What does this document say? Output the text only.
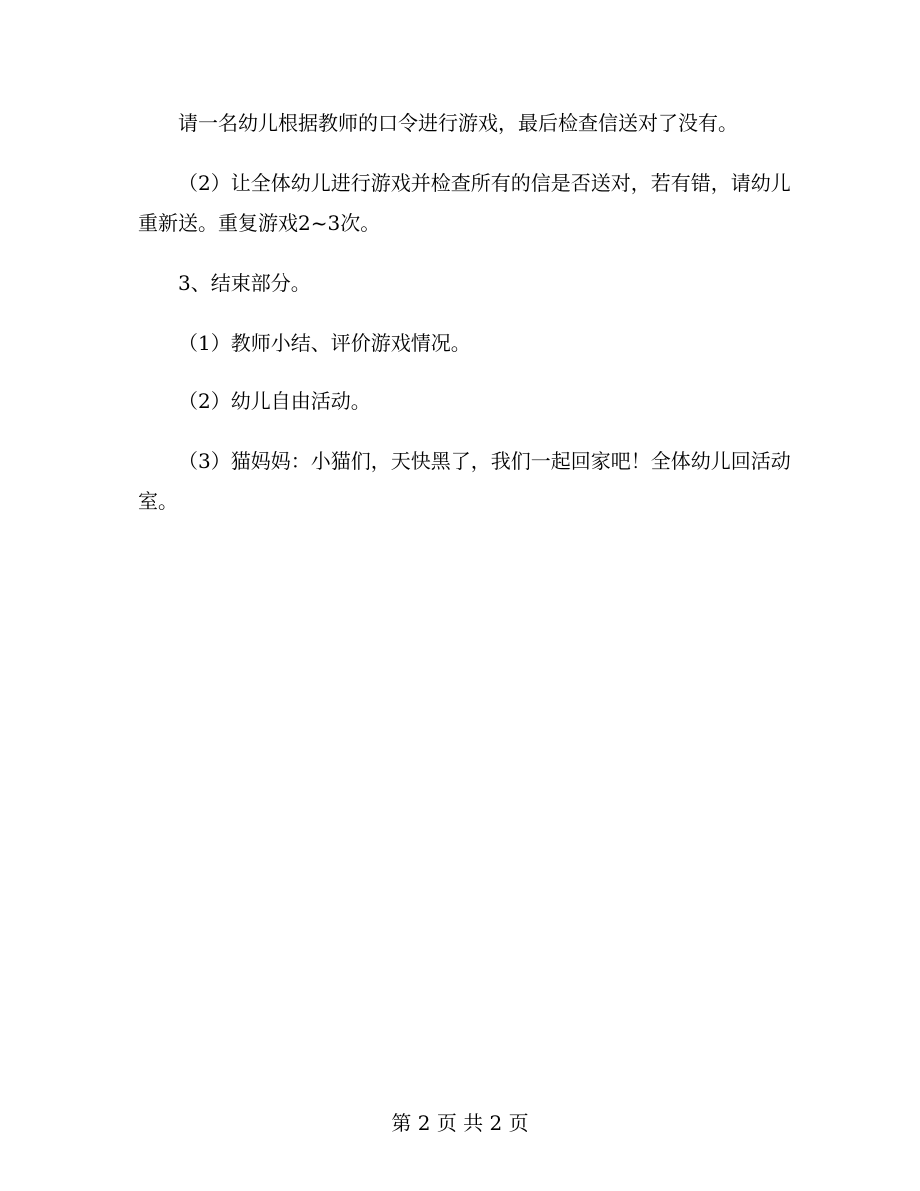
请一名幼儿根据教师的口令进行游戏，最后检查信送对了没有。

（2）让全体幼儿进行游戏并检查所有的信是否送对，若有错，请幼儿重新送。重复游戏2~3次。

3、结束部分。

（1）教师小结、评价游戏情况。

（2）幼儿自由活动。

（3）猫妈妈：小猫们，天快黑了，我们一起回家吧！全体幼儿回活动室。

第 2 页 共 2 页
